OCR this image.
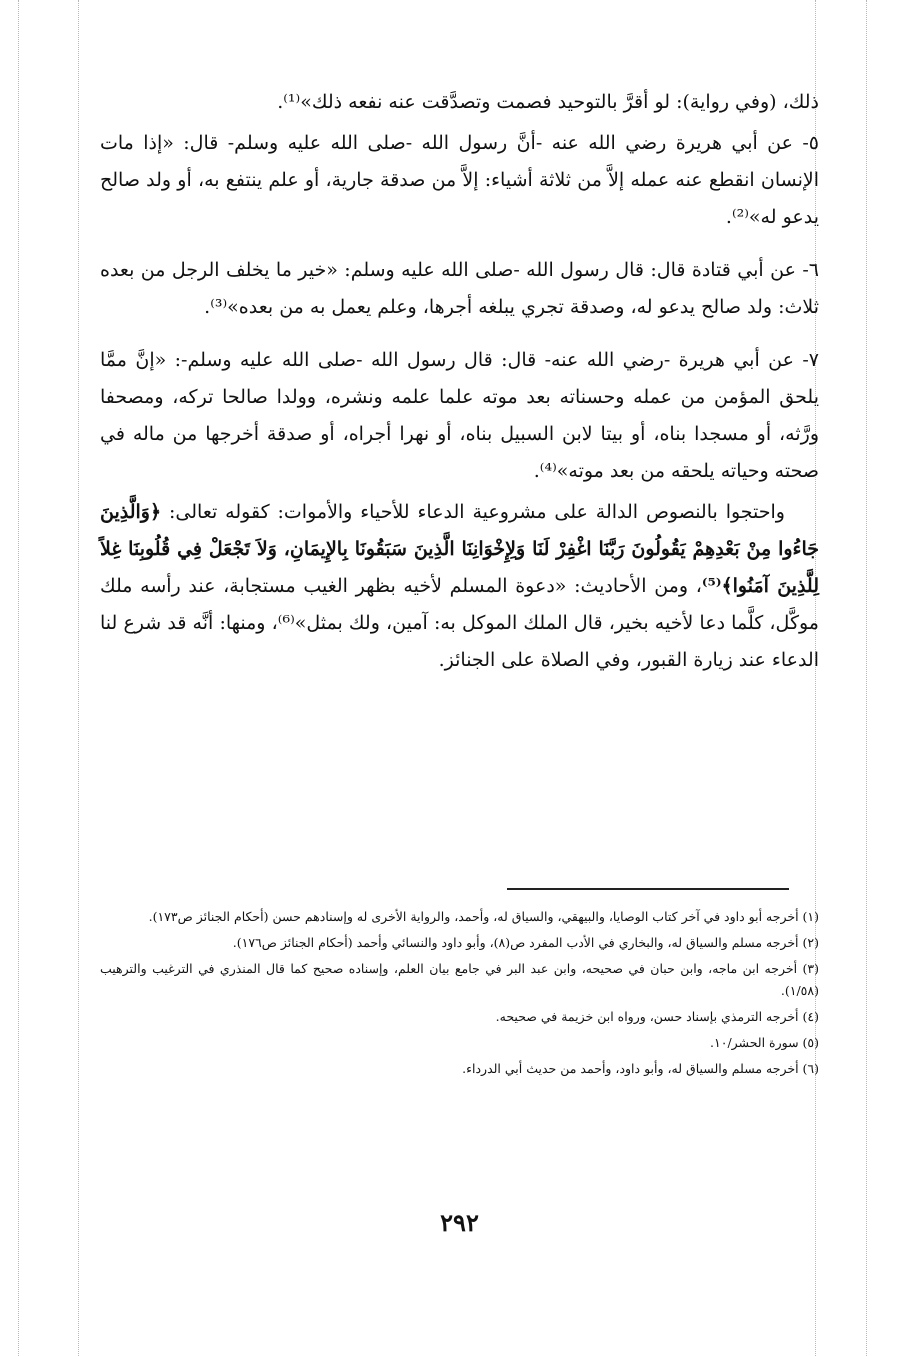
ذلك، (وفي رواية): لو أقرَّ بالتوحيد فصمت وتصدَّقت عنه نفعه ذلك»⁽¹⁾.

٥- عن أبي هريرة رضي الله عنه -أنَّ رسول الله -صلى الله عليه وسلم- قال: «إذا مات الإنسان انقطع عنه عمله إلاَّ من ثلاثة أشياء: إلاَّ من صدقة جارية، أو علم ينتفع به، أو ولد صالح يدعو له»⁽²⁾.

٦- عن أبي قتادة قال: قال رسول الله -صلى الله عليه وسلم: «خير ما يخلف الرجل من بعده ثلاث: ولد صالح يدعو له، وصدقة تجري يبلغه أجرها، وعلم يعمل به من بعده»⁽³⁾.

٧- عن أبي هريرة -رضي الله عنه- قال: قال رسول الله -صلى الله عليه وسلم-: «إنَّ ممَّا يلحق المؤمن من عمله وحسناته بعد موته علما علمه ونشره، وولدا صالحا تركه، ومصحفا ورَّثه، أو مسجدا بناه، أو بيتا لابن السبيل بناه، أو نهرا أجراه، أو صدقة أخرجها من ماله في صحته وحياته يلحقه من بعد موته»⁽⁴⁾.

واحتجوا بالنصوص الدالة على مشروعية الدعاء للأحياء والأموات: كقوله تعالى: ﴿وَالَّذِينَ جَاءُوا مِنْ بَعْدِهِمْ يَقُولُونَ رَبَّنَا اغْفِرْ لَنَا وَلِإِخْوَانِنَا الَّذِينَ سَبَقُونَا بِالإِيمَانِ، وَلاَ تَجْعَلْ فِي قُلُوبِنَا غِلاً لِلَّذِينَ آمَنُوا﴾⁽⁵⁾، ومن الأحاديث: «دعوة المسلم لأخيه بظهر الغيب مستجابة، عند رأسه ملك موكَّل، كلَّما دعا لأخيه بخير، قال الملك الموكل به: آمين، ولك بمثل»⁽⁶⁾، ومنها: أنَّه قد شرع لنا الدعاء عند زيارة القبور، وفي الصلاة على الجنائز.

(١) أخرجه أبو داود في آخر كتاب الوصايا، والبيهقي، والسياق له، وأحمد، والرواية الأخرى له وإسنادهم حسن (أحكام الجنائز ص١٧٣).

(٢) أخرجه مسلم والسياق له، والبخاري في الأدب المفرد ص(٨)، وأبو داود والنسائي وأحمد (أحكام الجنائز ص١٧٦).

(٣) أخرجه ابن ماجه، وابن حبان في صحيحه، وابن عبد البر في جامع بيان العلم، وإسناده صحيح كما قال المنذري في الترغيب والترهيب (١/٥٨).

(٤) أخرجه الترمذي بإسناد حسن، ورواه ابن خزيمة في صحيحه.

(٥) سورة الحشر/١٠.

(٦) أخرجه مسلم والسياق له، وأبو داود، وأحمد من حديث أبي الدرداء.

٢٩٢
